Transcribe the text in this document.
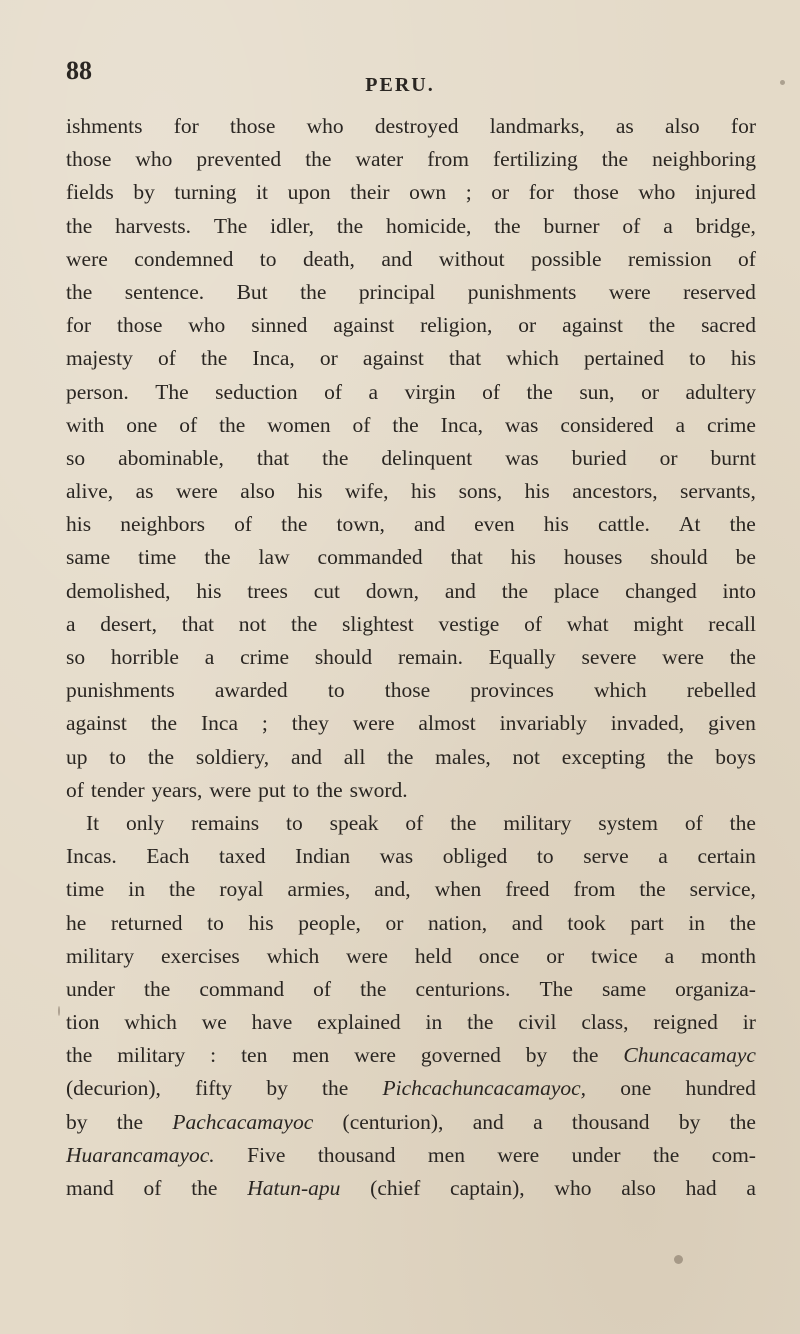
88	PERU.
ishments for those who destroyed landmarks, as also for
those who prevented the water from fertilizing the neighboring
fields by turning it upon their own ; or for those who injured
the harvests. The idler, the homicide, the burner of a bridge,
were condemned to death, and without possible remission of
the sentence. But the principal punishments were reserved
for those who sinned against religion, or against the sacred
majesty of the Inca, or against that which pertained to his
person. The seduction of a virgin of the sun, or adultery
with one of the women of the Inca, was considered a crime
so abominable, that the delinquent was buried or burnt
alive, as were also his wife, his sons, his ancestors, servants,
his neighbors of the town, and even his cattle. At the
same time the law commanded that his houses should be
demolished, his trees cut down, and the place changed into
a desert, that not the slightest vestige of what might recall
so horrible a crime should remain. Equally severe were the
punishments awarded to those provinces which rebelled
against the Inca ; they were almost invariably invaded, given
up to the soldiery, and all the males, not excepting the boys
of tender years, were put to the sword.
It only remains to speak of the military system of the
Incas. Each taxed Indian was obliged to serve a certain
time in the royal armies, and, when freed from the service,
he returned to his people, or nation, and took part in the
military exercises which were held once or twice a month
under the command of the centurions. The same organiza-
tion which we have explained in the civil class, reigned ir
the military : ten men were governed by the Chuncacamayc
(decurion), fifty by the Pichcachuncacamayoc, one hundred
by the Pachcacamayoc (centurion), and a thousand by the
Huarancamayoc. Five thousand men were under the com-
mand of the Hatun-apu (chief captain), who also had a
